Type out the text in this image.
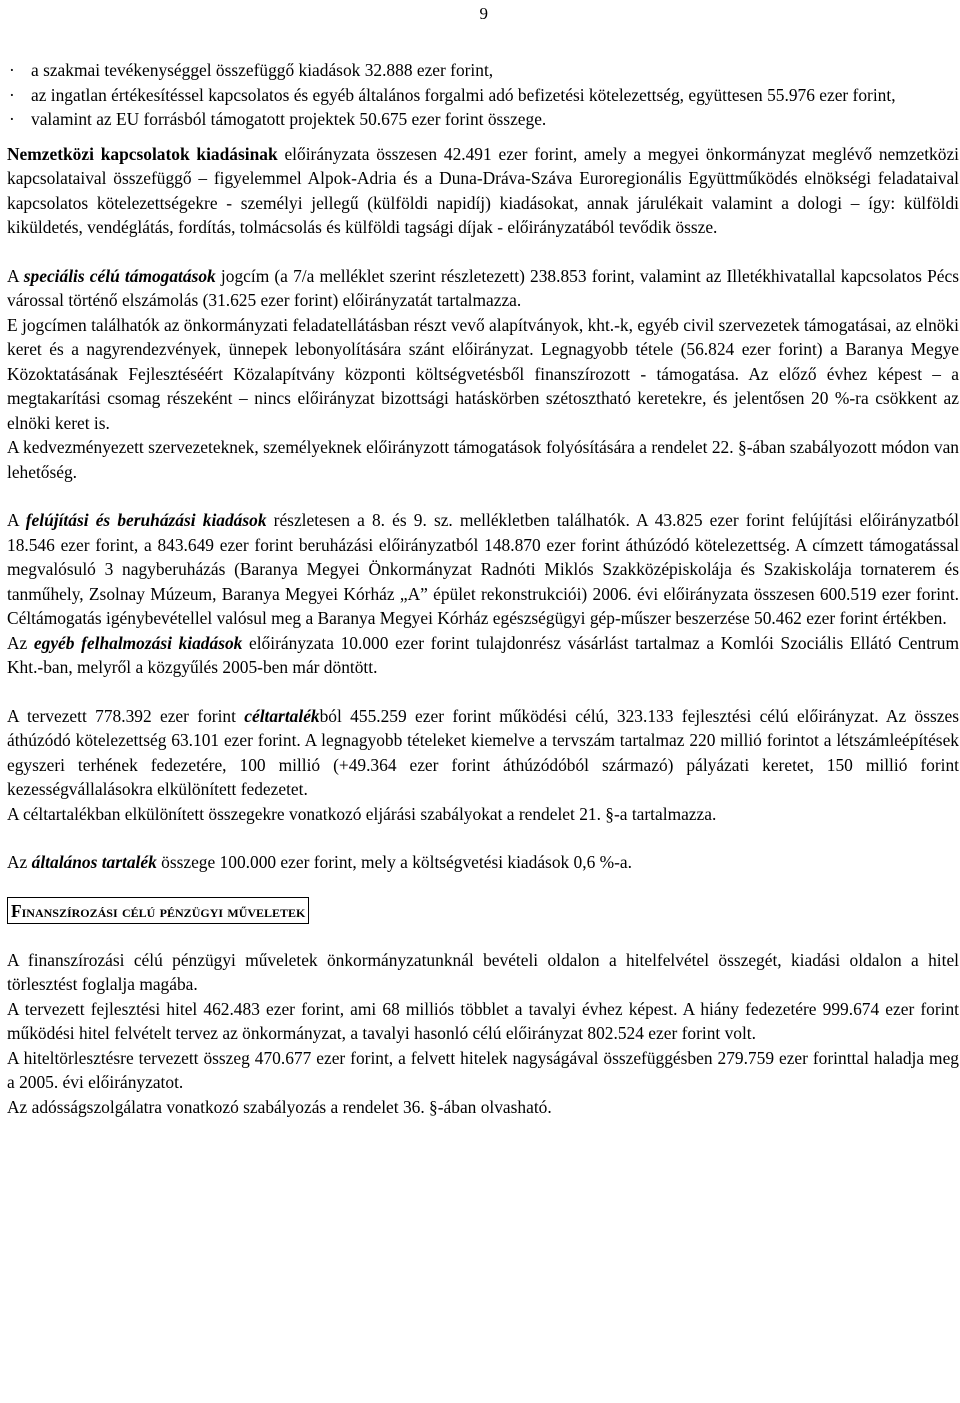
9
· a szakmai tevékenységgel összefüggő kiadások 32.888 ezer forint,
· az ingatlan értékesítéssel kapcsolatos és egyéb általános forgalmi adó befizetési kötelezettség, együttesen 55.976 ezer forint,
· valamint az EU forrásból támogatott projektek 50.675 ezer forint összege.

Nemzetközi kapcsolatok kiadásinak előirányzata összesen 42.491 ezer forint, amely a megyei önkormányzat meglévő nemzetközi kapcsolataival összefüggő – figyelemmel Alpok-Adria és a Duna-Dráva-Száva Euroregionális Együttműködés elnökségi feladataival kapcsolatos kötelezettségekre - személyi jellegű (külföldi napidíj) kiadásokat, annak járulékait valamint a dologi – így: külföldi kiküldetés, vendéglátás, fordítás, tolmácsolás és külföldi tagsági díjak - előirányzatából tevődik össze.

A speciális célú támogatások jogcím (a 7/a melléklet szerint részletezett) 238.853 forint, valamint az Illetékhivatallal kapcsolatos Pécs várossal történő elszámolás (31.625 ezer forint) előirányzatát tartalmazza.

E jogcímen találhatók az önkormányzati feladatellátásban részt vevő alapítványok, kht.-k, egyéb civil szervezetek támogatásai, az elnöki keret és a nagyrendezvények, ünnepek lebonyolítására szánt előirányzat. Legnagyobb tétele (56.824 ezer forint) a Baranya Megye Közoktatásának Fejlesztéséért Közalapítvány központi költségvetésből finanszírozott - támogatása. Az előző évhez képest – a megtakarítási csomag részeként – nincs előirányzat bizottsági hatáskörben szétosztható keretekre, és jelentősen 20 %-ra csökkent az elnöki keret is.

A kedvezményezett szervezeteknek, személyeknek előirányzott támogatások folyósítására a rendelet 22. §-ában szabályozott módon van lehetőség.

A felújítási és beruházási kiadások részletesen a 8. és 9. sz. mellékletben találhatók. A 43.825 ezer forint felújítási előirányzatból 18.546 ezer forint, a 843.649 ezer forint beruházási előirányzatból 148.870 ezer forint áthúzódó kötelezettség. A címzett támogatással megvalósuló 3 nagyberuházás (Baranya Megyei Önkormányzat Radnóti Miklós Szakközépiskolája és Szakiskolája tornaterem és tanműhely, Zsolnay Múzeum, Baranya Megyei Kórház „A” épület rekonstrukciói) 2006. évi előirányzata összesen 600.519 ezer forint. Céltámogatás igénybevétellel valósul meg a Baranya Megyei Kórház egészségügyi gép-műszer beszerzése 50.462 ezer forint értékben.

Az egyéb felhalmozási kiadások előirányzata 10.000 ezer forint tulajdonrész vásárlást tartalmaz a Komlói Szociális Ellátó Centrum Kht.-ban, melyről a közgyűlés 2005-ben már döntött.

A tervezett 778.392 ezer forint céltartalékból 455.259 ezer forint működési célú, 323.133 fejlesztési célú előirányzat. Az összes áthúzódó kötelezettség 63.101 ezer forint. A legnagyobb tételeket kiemelve a tervszám tartalmaz 220 millió forintot a létszámleépítések egyszeri terhének fedezetére, 100 millió (+49.364 ezer forint áthúzódóból származó) pályázati keretet, 150 millió forint kezességvállalásokra elkülönített fedezetet.

A céltartalékban elkülönített összegekre vonatkozó eljárási szabályokat a rendelet 21. §-a tartalmazza.

Az általános tartalék összege 100.000 ezer forint, mely a költségvetési kiadások 0,6 %-a.

Finanszírozási célú pénzügyi műveletek

A finanszírozási célú pénzügyi műveletek önkormányzatunknál bevételi oldalon a hitelfelvétel összegét, kiadási oldalon a hitel törlesztést foglalja magába.

A tervezett fejlesztési hitel 462.483 ezer forint, ami 68 milliós többlet a tavalyi évhez képest. A hiány fedezetére 999.674 ezer forint működési hitel felvételt tervez az önkormányzat, a tavalyi hasonló célú előirányzat 802.524 ezer forint volt.

A hiteltörlesztésre tervezett összeg 470.677 ezer forint, a felvett hitelek nagyságával összefüggésben 279.759 ezer forinttal haladja meg a 2005. évi előirányzatot.

Az adósságszolgálatra vonatkozó szabályozás a rendelet 36. §-ában olvasható.
